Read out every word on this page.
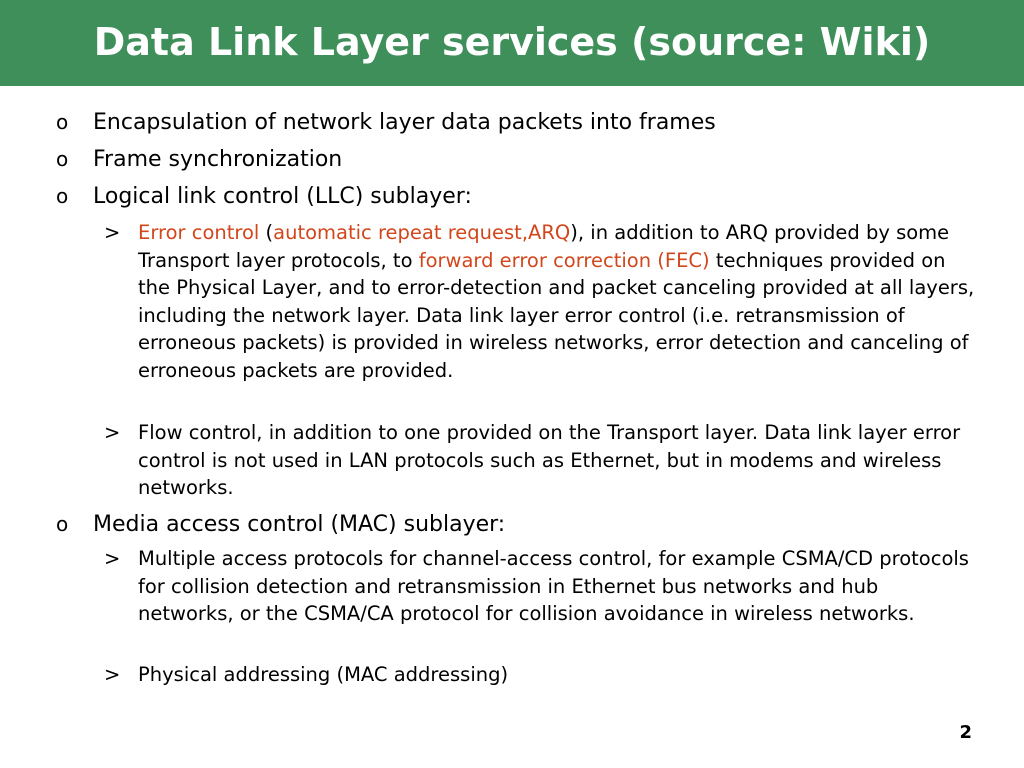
Data Link Layer services (source: Wiki)
o Encapsulation of network layer data packets into frames
o Frame synchronization
o Logical link control (LLC) sublayer:
> Error control (automatic repeat request,ARQ), in addition to ARQ provided by some Transport layer protocols, to forward error correction (FEC) techniques provided on the Physical Layer, and to error-detection and packet canceling provided at all layers, including the network layer. Data link layer error control (i.e. retransmission of erroneous packets) is provided in wireless networks, error detection and canceling of erroneous packets are provided.
> Flow control, in addition to one provided on the Transport layer. Data link layer error control is not used in LAN protocols such as Ethernet, but in modems and wireless networks.
o Media access control (MAC) sublayer:
> Multiple access protocols for channel-access control, for example CSMA/CD protocols for collision detection and retransmission in Ethernet bus networks and hub networks, or the CSMA/CA protocol for collision avoidance in wireless networks.
> Physical addressing (MAC addressing)
2
